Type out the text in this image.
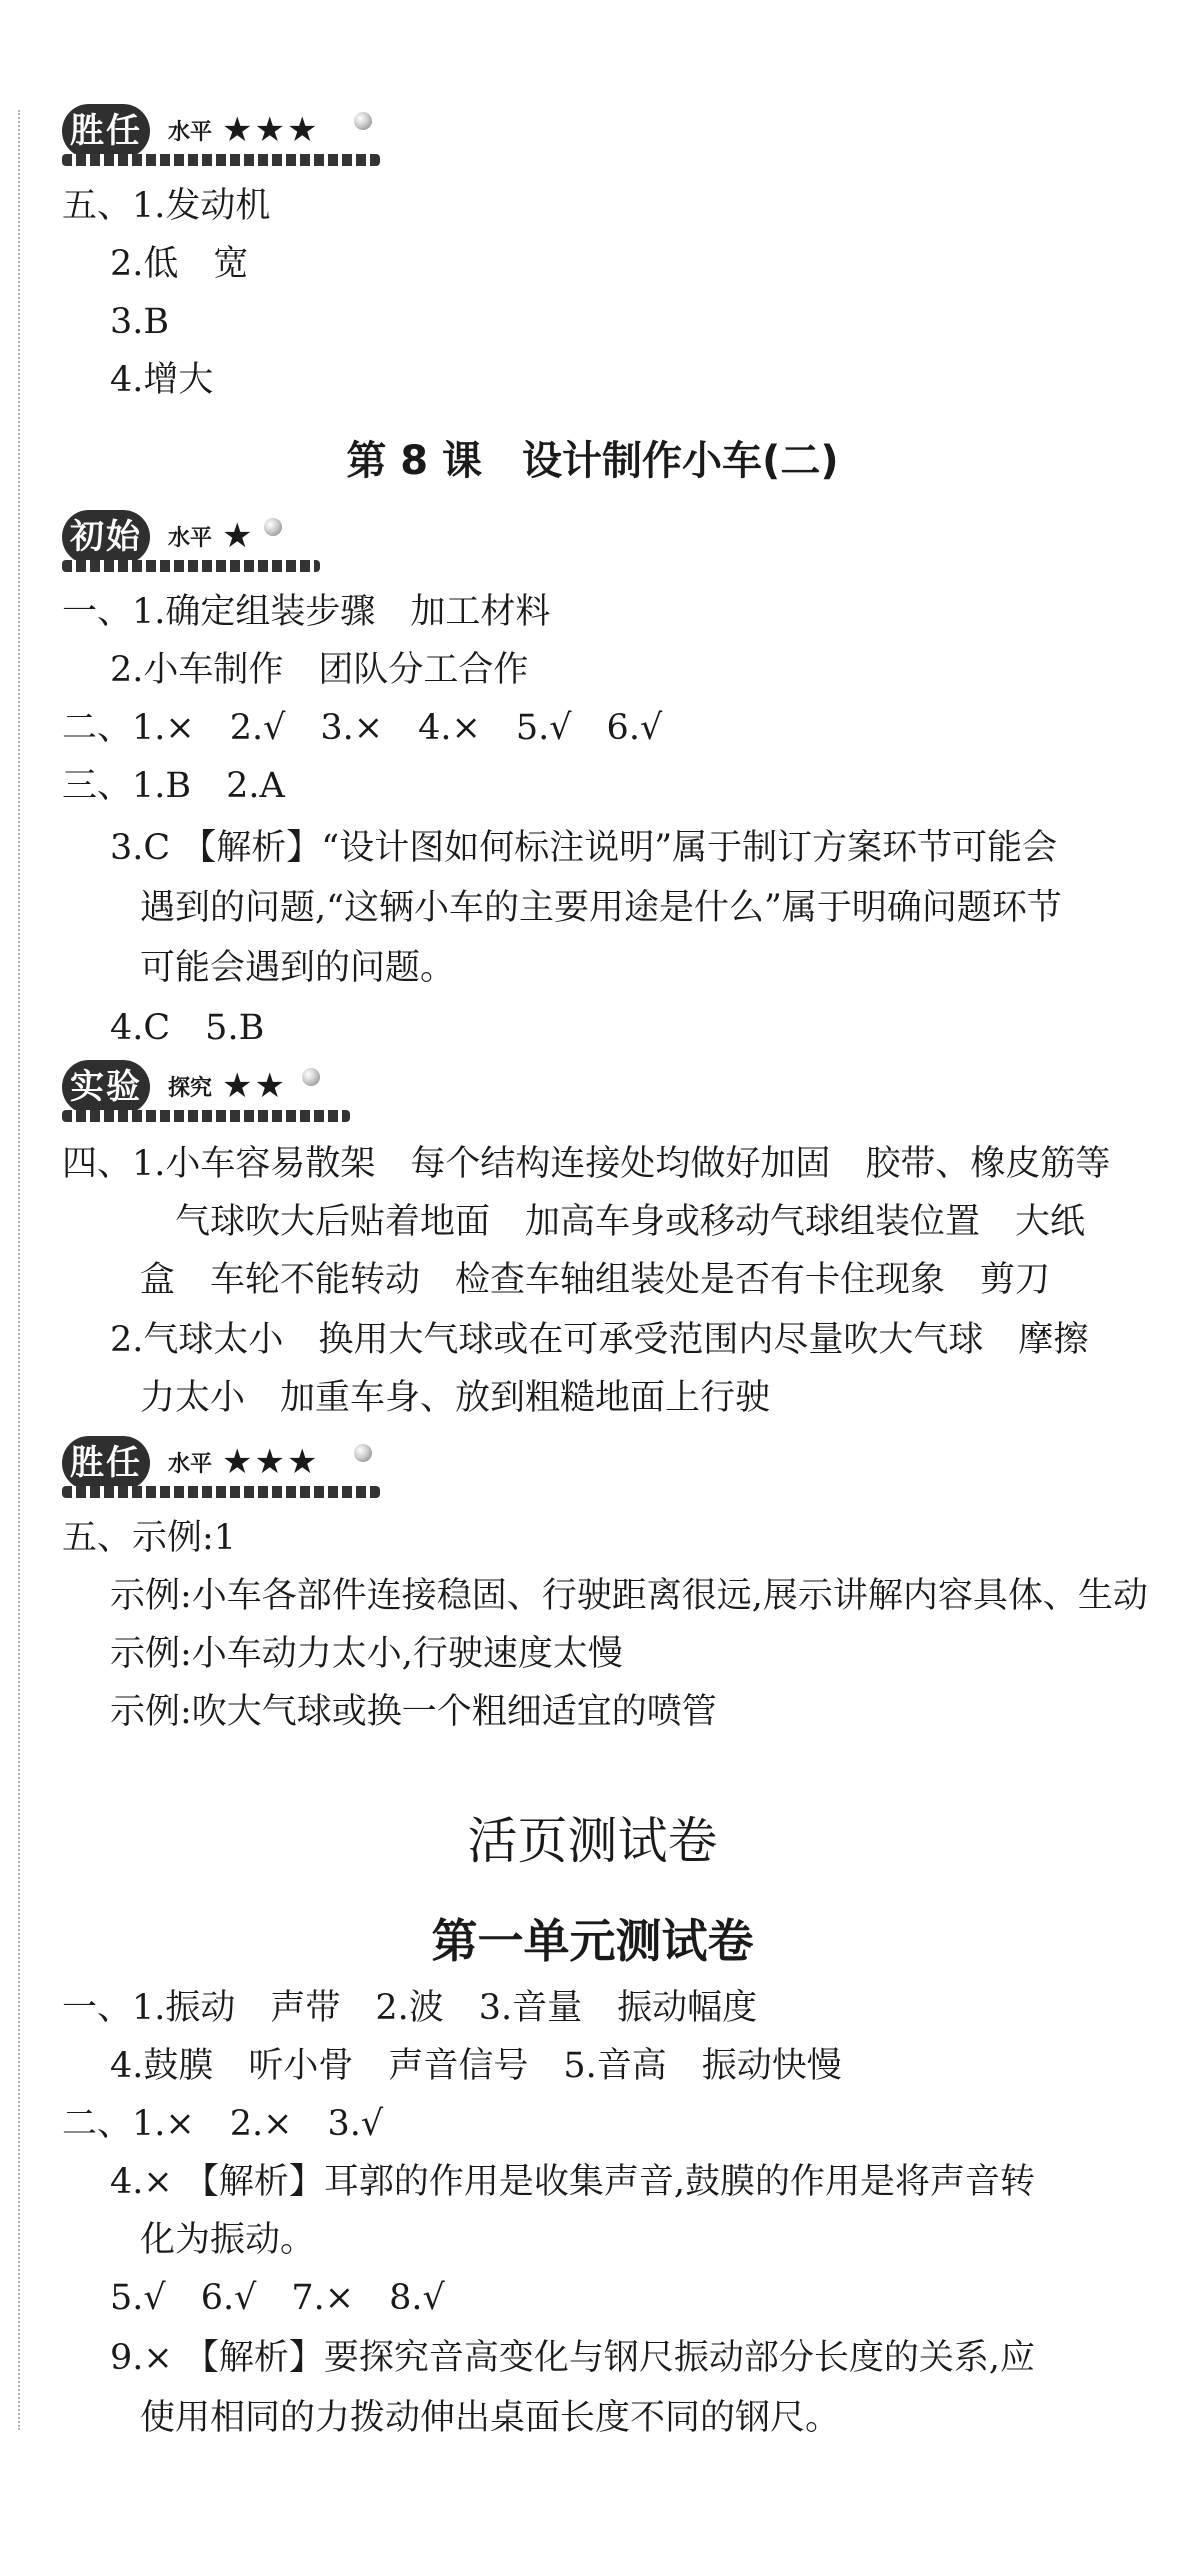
胜任	水平 ★★★
五、1.发动机
2.低　宽
3.B
4.增大
第 8 课　设计制作小车(二)
初始	水平 ★
一、1.确定组装步骤　加工材料
2.小车制作　团队分工合作
二、1.×　2.√　3.×　4.×　5.√　6.√
三、1.B　2.A
3.C 【解析】“设计图如何标注说明”属于制订方案环节可能会
遇到的问题,“这辆小车的主要用途是什么”属于明确问题环节
可能会遇到的问题。
4.C　5.B
实验	探究 ★★
四、1.小车容易散架　每个结构连接处均做好加固　胶带、橡皮筋等
气球吹大后贴着地面　加高车身或移动气球组装位置　大纸
盒　车轮不能转动　检查车轴组装处是否有卡住现象　剪刀
2.气球太小　换用大气球或在可承受范围内尽量吹大气球　摩擦
力太小　加重车身、放到粗糙地面上行驶
胜任	水平 ★★★
五、示例:1
示例:小车各部件连接稳固、行驶距离很远,展示讲解内容具体、生动
示例:小车动力太小,行驶速度太慢
示例:吹大气球或换一个粗细适宜的喷管
活页测试卷
第一单元测试卷
一、1.振动　声带　2.波　3.音量　振动幅度
4.鼓膜　听小骨　声音信号　5.音高　振动快慢
二、1.×　2.×　3.√
4.× 【解析】耳郭的作用是收集声音,鼓膜的作用是将声音转
化为振动。
5.√　6.√　7.×　8.√
9.× 【解析】要探究音高变化与钢尺振动部分长度的关系,应
使用相同的力拨动伸出桌面长度不同的钢尺。
